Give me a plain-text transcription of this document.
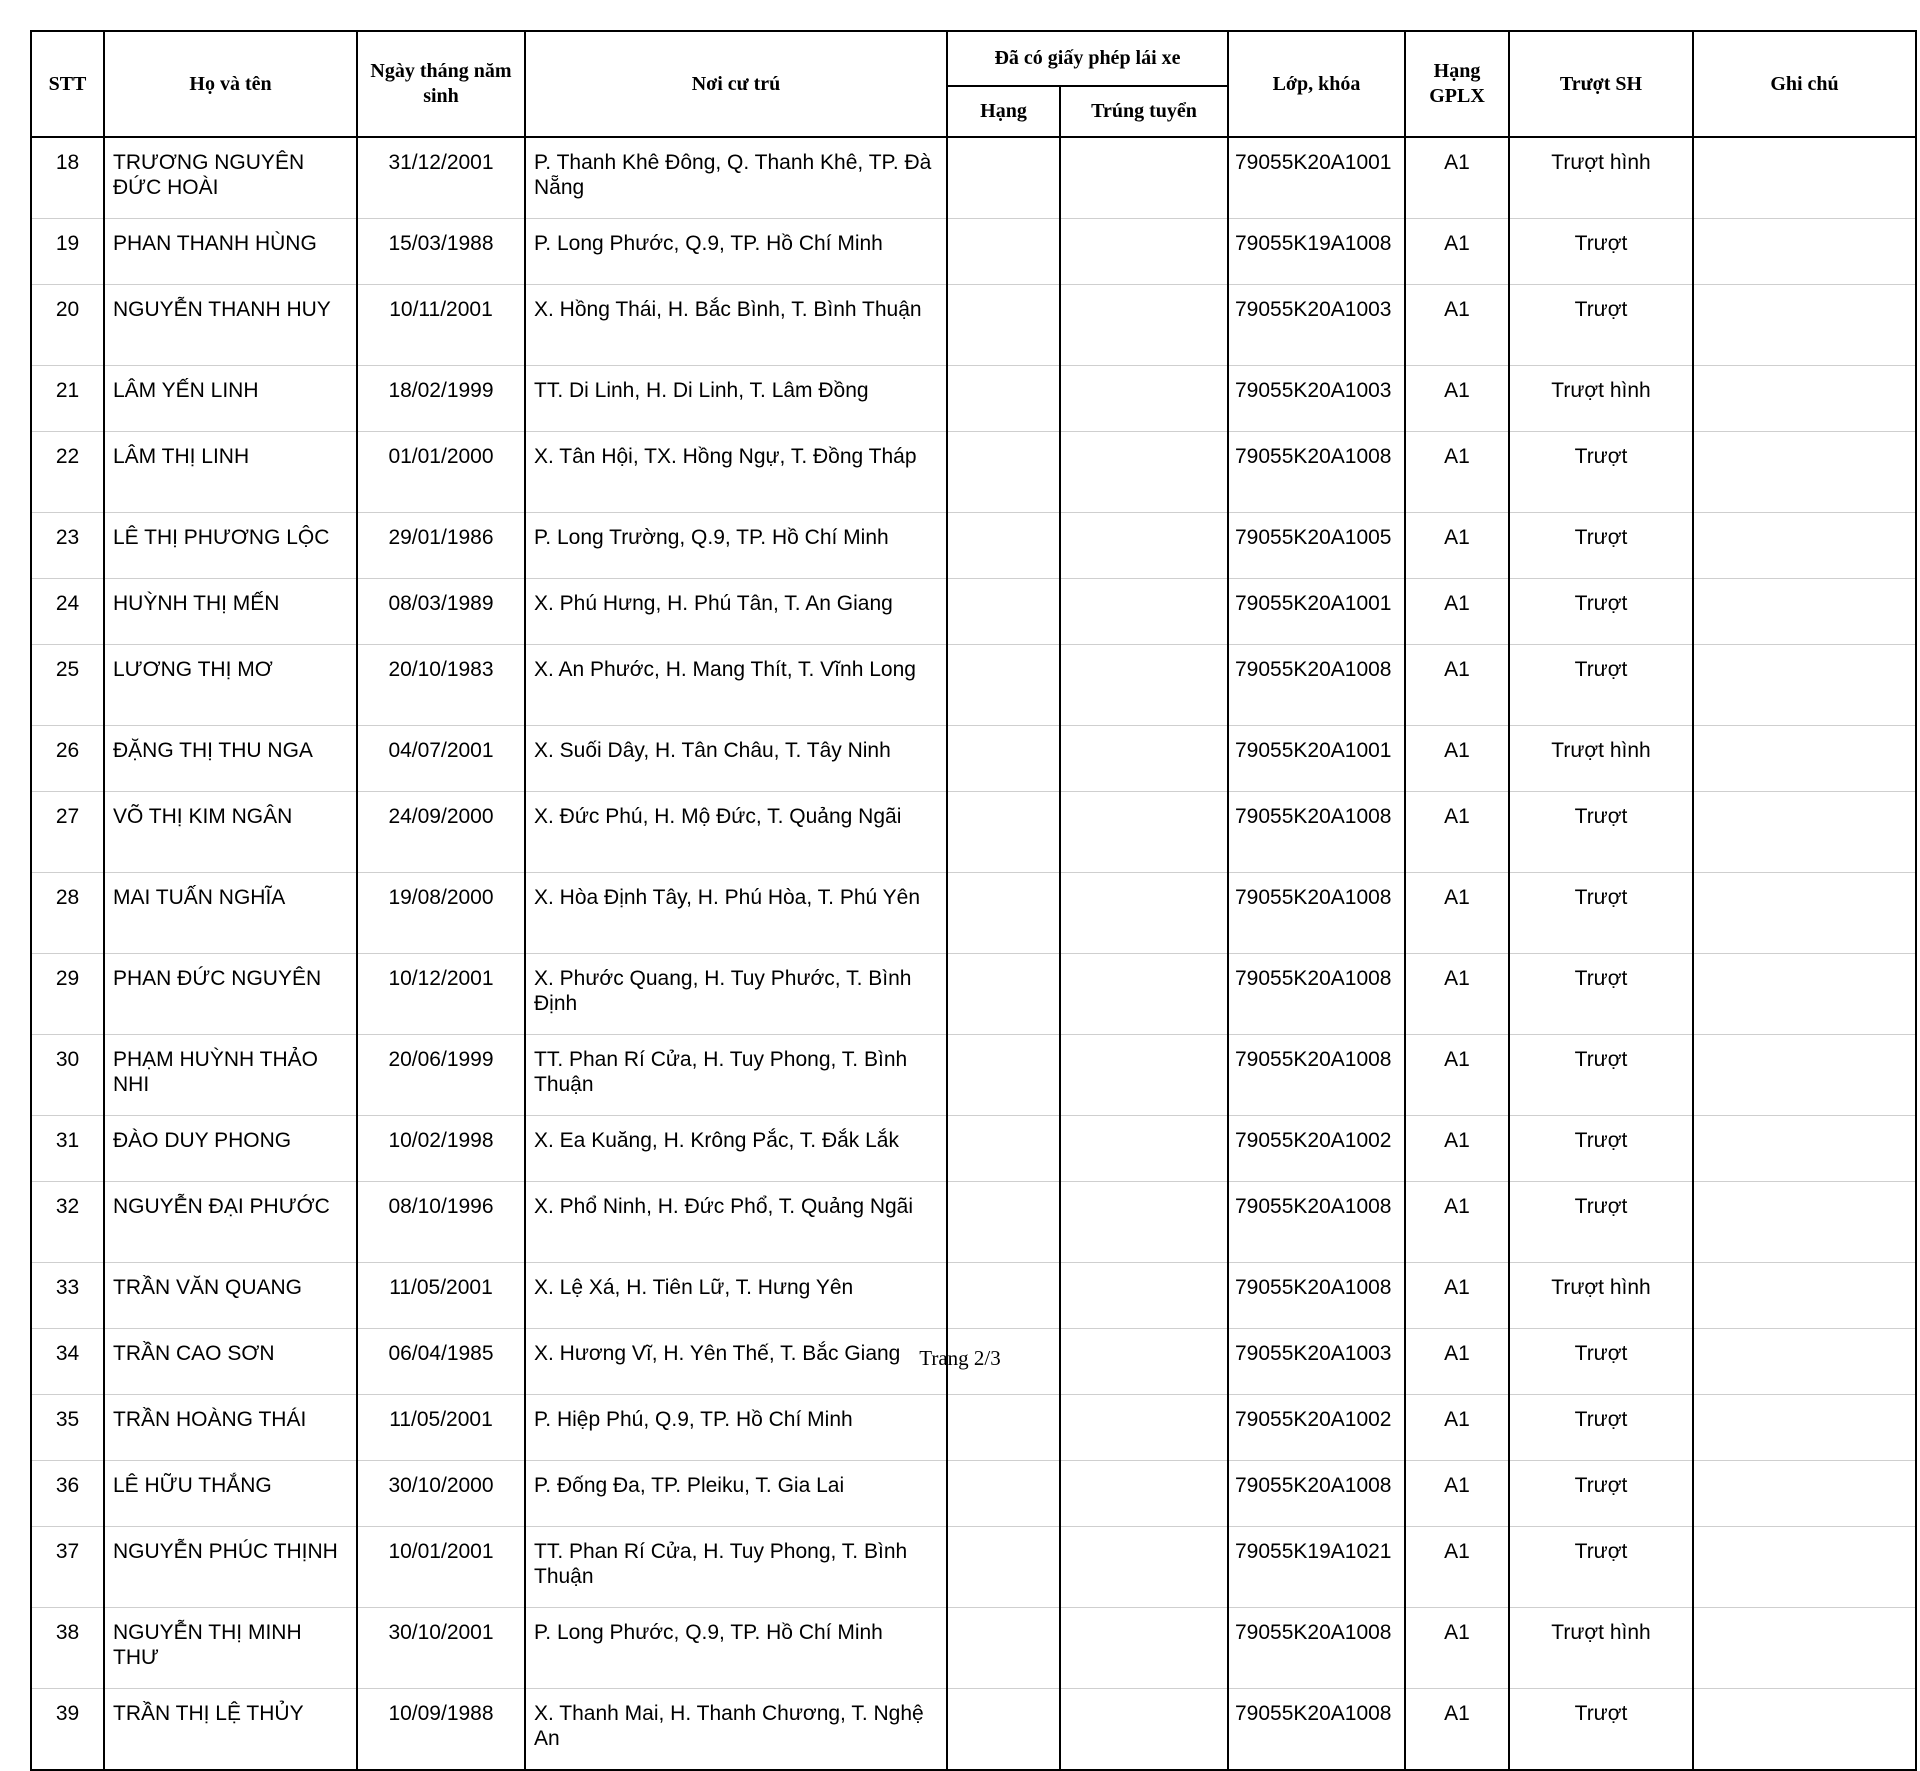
STT	Họ và tên	Ngày tháng năm sinh	Nơi cư trú	Đã có giấy phép lái xe		Lớp, khóa	Hạng GPLX	Trượt SH	Ghi chú
				Hạng	Trúng tuyển				
18	TRƯƠNG NGUYÊN ĐỨC HOÀI	31/12/2001	P. Thanh Khê Đông, Q. Thanh Khê, TP. Đà Nẵng			79055K20A1001	A1	Trượt hình	
19	PHAN THANH HÙNG	15/03/1988	P. Long Phước, Q.9, TP. Hồ Chí Minh			79055K19A1008	A1	Trượt	
20	NGUYỄN THANH HUY	10/11/2001	X. Hồng Thái, H. Bắc Bình, T. Bình Thuận			79055K20A1003	A1	Trượt	
21	LÂM YẾN LINH	18/02/1999	TT. Di Linh, H. Di Linh, T. Lâm Đồng			79055K20A1003	A1	Trượt hình	
22	LÂM THỊ LINH	01/01/2000	X. Tân Hội, TX. Hồng Ngự, T. Đồng Tháp			79055K20A1008	A1	Trượt	
23	LÊ THỊ PHƯƠNG LỘC	29/01/1986	P. Long Trường, Q.9, TP. Hồ Chí Minh			79055K20A1005	A1	Trượt	
24	HUỲNH THỊ MẾN	08/03/1989	X. Phú Hưng, H. Phú Tân, T. An Giang			79055K20A1001	A1	Trượt	
25	LƯƠNG THỊ MƠ	20/10/1983	X. An Phước, H. Mang Thít, T. Vĩnh Long			79055K20A1008	A1	Trượt	
26	ĐẶNG THỊ THU NGA	04/07/2001	X. Suối Dây, H. Tân Châu, T. Tây Ninh			79055K20A1001	A1	Trượt hình	
27	VÕ THỊ KIM NGÂN	24/09/2000	X. Đức Phú, H. Mộ Đức, T. Quảng Ngãi			79055K20A1008	A1	Trượt	
28	MAI TUẤN NGHĨA	19/08/2000	X. Hòa Định Tây, H. Phú Hòa, T. Phú Yên			79055K20A1008	A1	Trượt	
29	PHAN ĐỨC NGUYÊN	10/12/2001	X. Phước Quang, H. Tuy Phước, T. Bình Định			79055K20A1008	A1	Trượt	
30	PHẠM HUỲNH THẢO NHI	20/06/1999	TT. Phan Rí Cửa, H. Tuy Phong, T. Bình Thuận			79055K20A1008	A1	Trượt	
31	ĐÀO DUY PHONG	10/02/1998	X. Ea Kuăng, H. Krông Pắc, T. Đắk Lắk			79055K20A1002	A1	Trượt	
32	NGUYỄN ĐẠI PHƯỚC	08/10/1996	X. Phổ Ninh, H. Đức Phổ, T. Quảng Ngãi			79055K20A1008	A1	Trượt	
33	TRẦN VĂN QUANG	11/05/2001	X. Lệ Xá, H. Tiên Lữ, T. Hưng Yên			79055K20A1008	A1	Trượt hình	
34	TRẦN CAO SƠN	06/04/1985	X. Hương Vĩ, H. Yên Thế, T. Bắc Giang			79055K20A1003	A1	Trượt	
35	TRẦN HOÀNG THÁI	11/05/2001	P. Hiệp Phú, Q.9, TP. Hồ Chí Minh			79055K20A1002	A1	Trượt	
36	LÊ HỮU THẮNG	30/10/2000	P. Đống Đa, TP. Pleiku, T. Gia Lai			79055K20A1008	A1	Trượt	
37	NGUYỄN PHÚC THỊNH	10/01/2001	TT. Phan Rí Cửa, H. Tuy Phong, T. Bình Thuận			79055K19A1021	A1	Trượt	
38	NGUYỄN THỊ MINH THƯ	30/10/2001	P. Long Phước, Q.9, TP. Hồ Chí Minh			79055K20A1008	A1	Trượt hình	
39	TRẦN THỊ LỆ THỦY	10/09/1988	X. Thanh Mai, H. Thanh Chương, T. Nghệ An			79055K20A1008	A1	Trượt	
Trang 2/3
